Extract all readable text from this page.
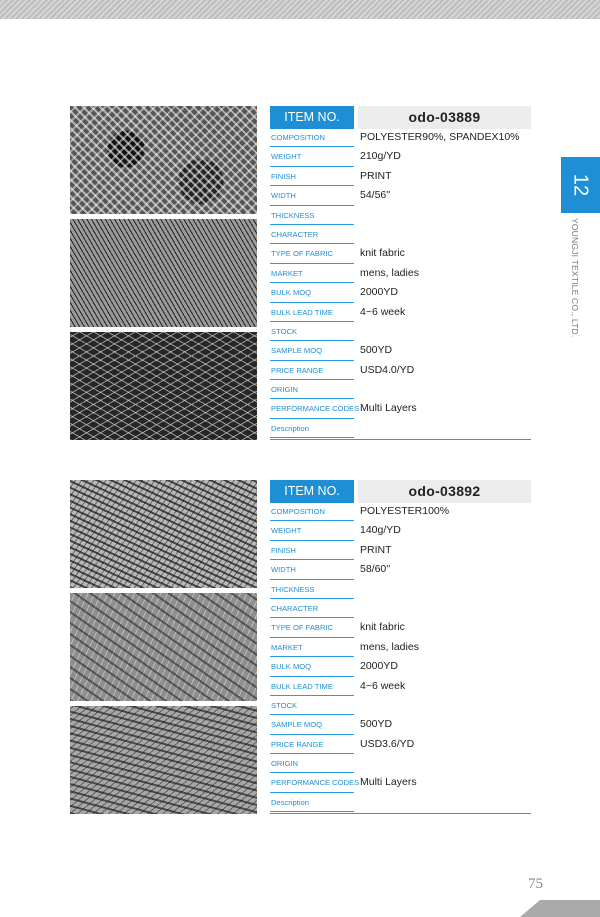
12
YOUNGJI TEXTILE CO., LTD.
ITEM NO.	odo-03889
COMPOSITION	POLYESTER90%, SPANDEX10%
WEIGHT	210g/YD
FINISH	PRINT
WIDTH	54/56''
THICKNESS
CHARACTER
TYPE OF FABRIC	knit fabric
MARKET	mens, ladies
BULK MOQ	2000YD
BULK LEAD TIME	4~6 week
STOCK
SAMPLE MOQ	500YD
PRICE RANGE	USD4.0/YD
ORIGIN
PERFORMANCE CODES Multi Layers
Description
ITEM NO.	odo-03892
COMPOSITION	POLYESTER100%
WEIGHT	140g/YD
FINISH	PRINT
WIDTH	58/60''
THICKNESS
CHARACTER
TYPE OF FABRIC	knit fabric
MARKET	mens, ladies
BULK MOQ	2000YD
BULK LEAD TIME	4~6 week
STOCK
SAMPLE MOQ	500YD
PRICE RANGE	USD3.6/YD
ORIGIN
PERFORMANCE CODES Multi Layers
Description
75
